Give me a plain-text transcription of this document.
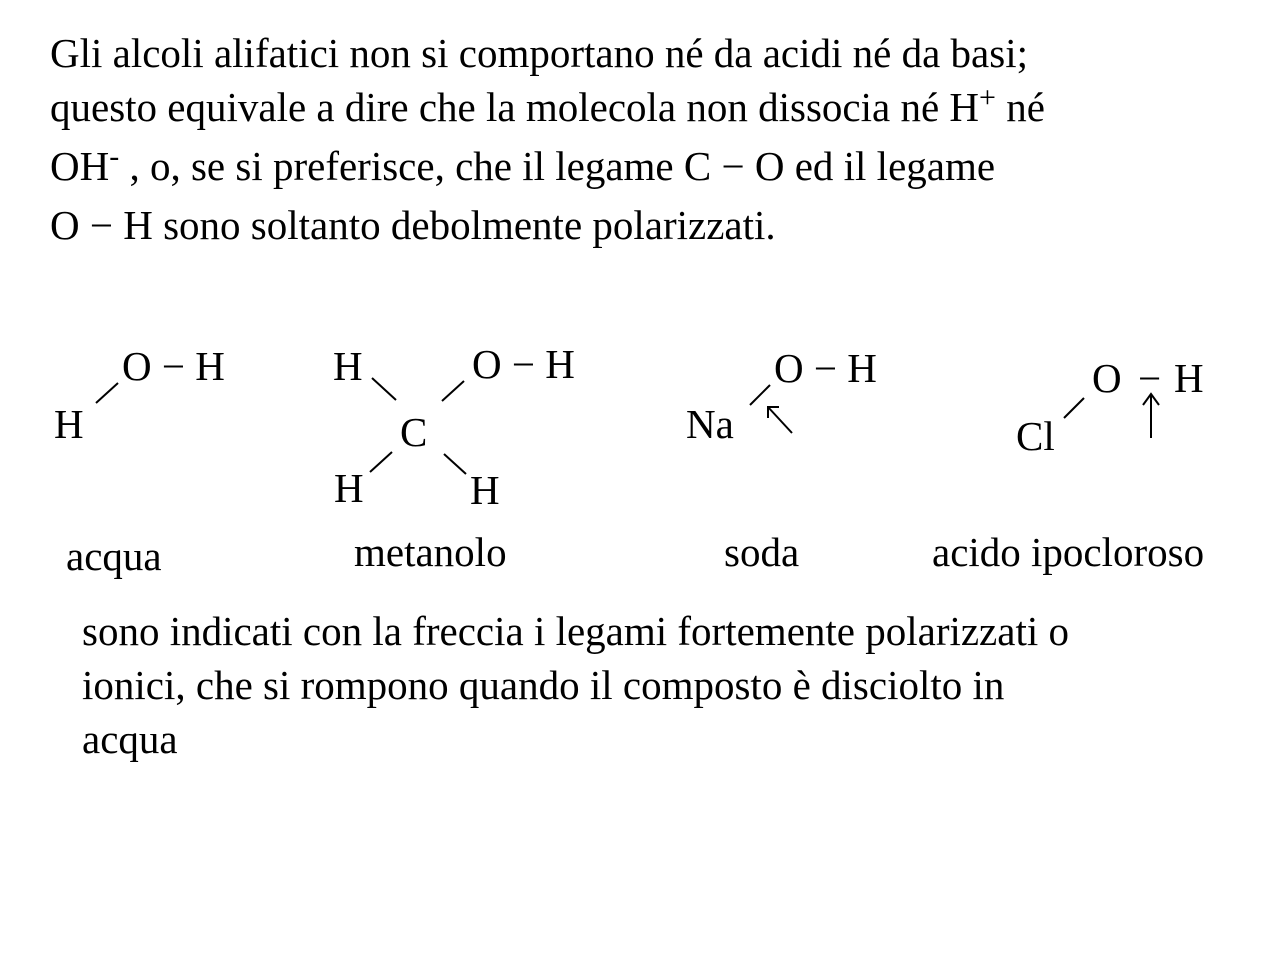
Gli alcoli alifatici non si comportano né da acidi né da basi;
questo equivale a dire che la molecola non dissocia né H+ né
OH- , o, se si preferisce, che il legame C − O ed il legame
O − H sono soltanto debolmente polarizzati.
O − H
H
acqua
H	O − H
C
H	H
metanolo
O − H
Na
soda
O − H
Cl
acido ipocloroso
sono indicati con la freccia i legami fortemente polarizzati o
ionici, che si rompono quando il composto è disciolto in
acqua
